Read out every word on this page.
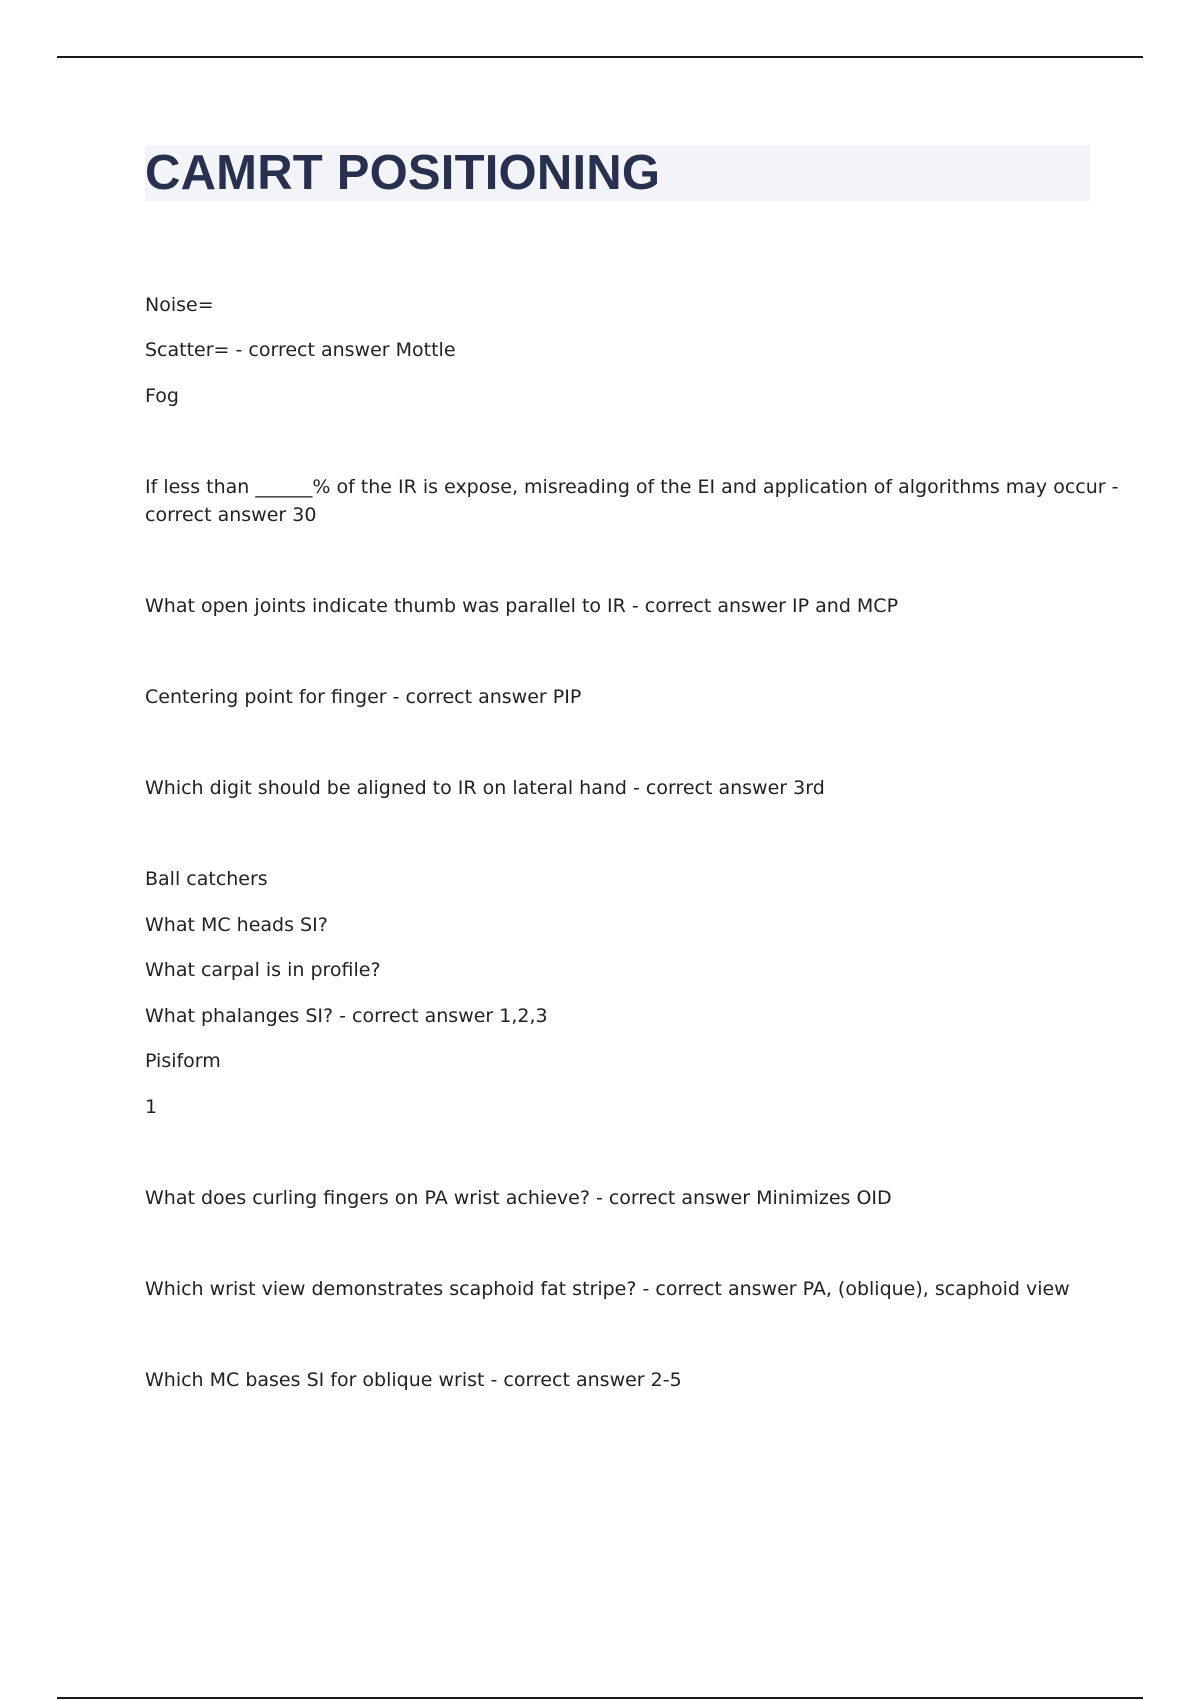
CAMRT POSITIONING

Noise=

Scatter= - correct answer Mottle

Fog

If less than ______% of the IR is expose, misreading of the EI and application of algorithms may occur -

correct answer 30

What open joints indicate thumb was parallel to IR - correct answer IP and MCP

Centering point for finger - correct answer PIP

Which digit should be aligned to IR on lateral hand - correct answer 3rd

Ball catchers

What MC heads SI?

What carpal is in profile?

What phalanges SI? - correct answer 1,2,3

Pisiform

1

What does curling fingers on PA wrist achieve? - correct answer Minimizes OID

Which wrist view demonstrates scaphoid fat stripe? - correct answer PA, (oblique), scaphoid view

Which MC bases SI for oblique wrist - correct answer 2-5
